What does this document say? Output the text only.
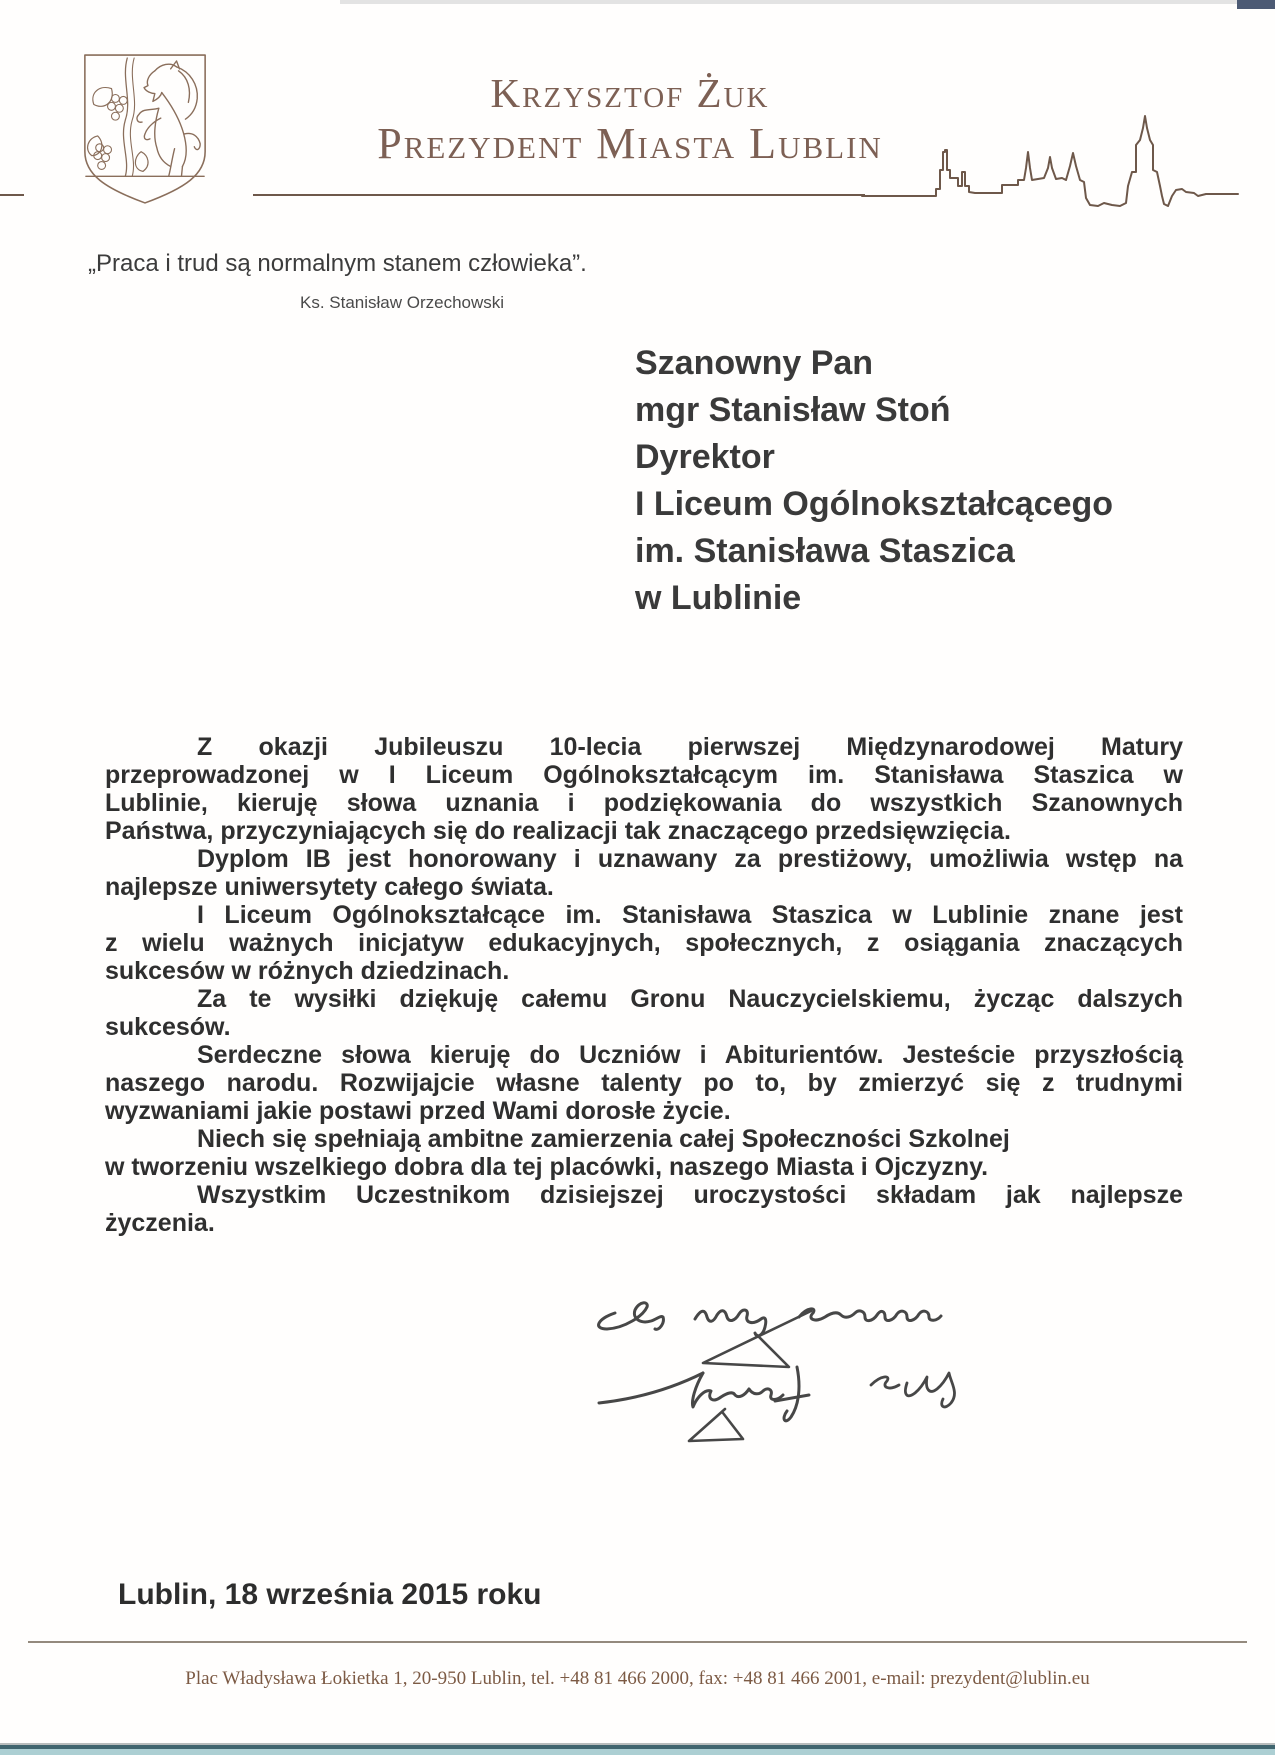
Krzysztof Żuk
Prezydent Miasta Lublin
„Praca i trud są normalnym stanem człowieka”.
Ks. Stanisław Orzechowski
Szanowny Pan
mgr Stanisław Stoń
Dyrektor
I Liceum Ogólnokształcącego
im. Stanisława Staszica
w Lublinie
Z okazji Jubileuszu 10-lecia pierwszej Międzynarodowej Matury
przeprowadzonej w I Liceum Ogólnokształcącym im. Stanisława Staszica w
Lublinie, kieruję słowa uznania i podziękowania do wszystkich Szanownych
Państwa, przyczyniających się do realizacji tak znaczącego przedsięwzięcia.
Dyplom IB jest honorowany i uznawany za prestiżowy, umożliwia wstęp na
najlepsze uniwersytety całego świata.
I Liceum Ogólnokształcące im. Stanisława Staszica w Lublinie znane jest
z wielu ważnych inicjatyw edukacyjnych, społecznych, z osiągania znaczących
sukcesów w różnych dziedzinach.
Za te wysiłki dziękuję całemu Gronu Nauczycielskiemu, życząc dalszych
sukcesów.
Serdeczne słowa kieruję do Uczniów i Abiturientów. Jesteście przyszłością
naszego narodu. Rozwijajcie własne talenty po to, by zmierzyć się z trudnymi
wyzwaniami jakie postawi przed Wami dorosłe życie.
Niech się spełniają ambitne zamierzenia całej Społeczności Szkolnej
w tworzeniu wszelkiego dobra dla tej placówki, naszego Miasta i Ojczyzny.
Wszystkim Uczestnikom dzisiejszej uroczystości składam jak najlepsze
życzenia.
Lublin, 18 września 2015 roku
Plac Władysława Łokietka 1, 20-950 Lublin, tel. +48 81 466 2000, fax: +48 81 466 2001, e-mail: prezydent@lublin.eu
